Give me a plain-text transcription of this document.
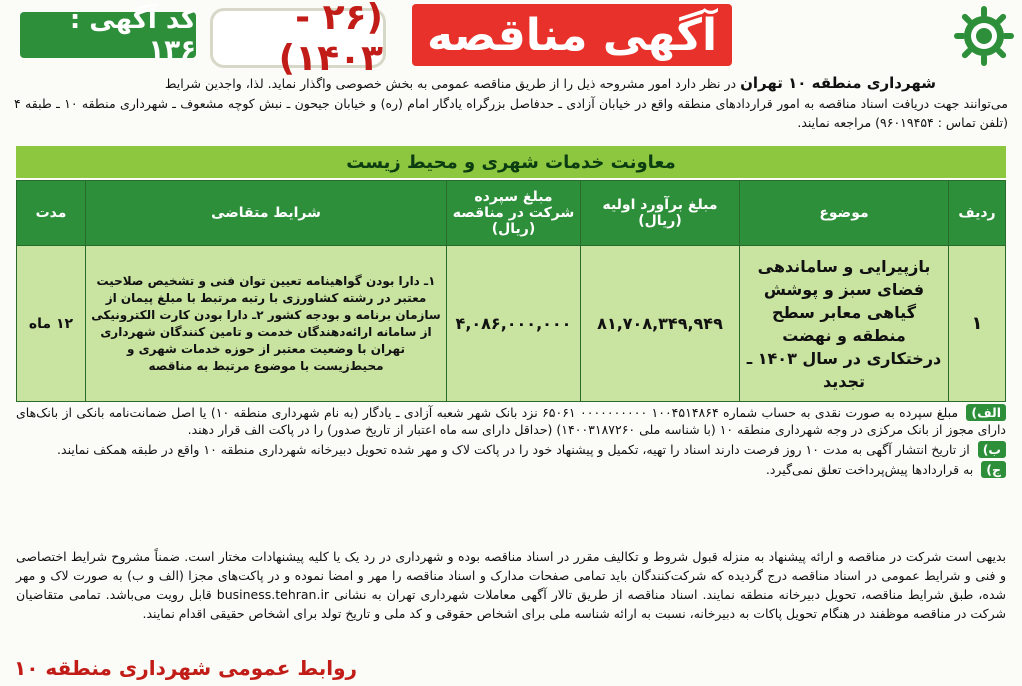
آگهی مناقصه
(۲۶ - ۱۴۰۳)
کد آگهی : ۱۳۶
شهرداری منطقه ۱۰ تهران در نظر دارد امور مشروحه ذیل را از طریق مناقصه عمومی به بخش خصوصی واگذار نماید. لذا، واجدین شرایط
می‌توانند جهت دریافت اسناد مناقصه به امور قراردادهای منطقه واقع در خیابان آزادی ـ حدفاصل بزرگراه یادگار امام (ره) و خیابان جیحون ـ نبش کوچه مشعوف ـ شهرداری منطقه ۱۰ ـ طبقه ۴ (تلفن تماس : ۹۶۰۱۹۴۵۴) مراجعه نمایند.
معاونت خدمات شهری و محیط زیست
ردیف	موضوع	مبلغ برآورد اولیه (ریال)	مبلغ سپرده شرکت در مناقصه (ریال)	شرایط متقاضی	مدت
۱	بازپیرایی و ساماندهی فضای سبز و پوشش گیاهی معابر سطح منطقه و نهضت درختکاری در سال ۱۴۰۳ ـ تجدید	۸۱,۷۰۸,۳۴۹,۹۴۹	۴,۰۸۶,۰۰۰,۰۰۰	۱ـ دارا بودن گواهینامه تعیین توان فنی و تشخیص صلاحیت معتبر در رشته کشاورزی با رتبه مرتبط با مبلغ پیمان از سازمان برنامه و بودجه کشور ۲ـ دارا بودن کارت الکترونیکی از سامانه ارائه‌دهندگان خدمت و تامین کنندگان شهرداری تهران با وضعیت معتبر از حوزه خدمات شهری و محیط‌زیست با موضوع مرتبط به مناقصه	۱۲ ماه

الف) مبلغ سپرده به صورت نقدی به حساب شماره ۱۰۰۴۵۱۴۸۶۴ ۰۰۰۰۰۰۰۰۰۰ ۶۵۰۶۱ نزد بانک شهر شعبه آزادی ـ یادگار (به نام شهرداری منطقه ۱۰) یا اصل ضمانت‌نامه بانکی از بانک‌های دارای مجوز از بانک مرکزی در وجه شهرداری منطقه ۱۰ (با شناسه ملی ۱۴۰۰۳۱۸۷۲۶۰) (حداقل دارای سه ماه اعتبار از تاریخ صدور) را در پاکت الف قرار دهند.

ب) از تاریخ انتشار آگهی به مدت ۱۰ روز فرصت دارند اسناد را تهیه، تکمیل و پیشنهاد خود را در پاکت لاک و مهر شده تحویل دبیرخانه شهرداری منطقه ۱۰ واقع در طبقه همکف نمایند.

ج) به قراردادها پیش‌پرداخت تعلق نمی‌گیرد.

بدیهی است شرکت در مناقصه و ارائه پیشنهاد به منزله قبول شروط و تکالیف مقرر در اسناد مناقصه بوده و شهرداری در رد یک یا کلیه پیشنهادات مختار است. ضمناً مشروح شرایط اختصاصی و فنی و شرایط عمومی در اسناد مناقصه درج گردیده که شرکت‌کنندگان باید تمامی صفحات مدارک و اسناد مناقصه را مهر و امضا نموده و در پاکت‌های مجزا (الف و ب) به صورت لاک و مهر شده، طبق شرایط مناقصه، تحویل دبیرخانه منطقه نمایند. اسناد مناقصه از طریق تالار آگهی معاملات شهرداری تهران به نشانی business.tehran.ir قابل رویت می‌باشد. تمامی متقاضیان شرکت در مناقصه موظفند در هنگام تحویل پاکات به دبیرخانه، نسبت به ارائه شناسه ملی برای اشخاص حقوقی و کد ملی و تاریخ تولد برای اشخاص حقیقی اقدام نمایند.
روابط عمومی شهرداری منطقه ۱۰
